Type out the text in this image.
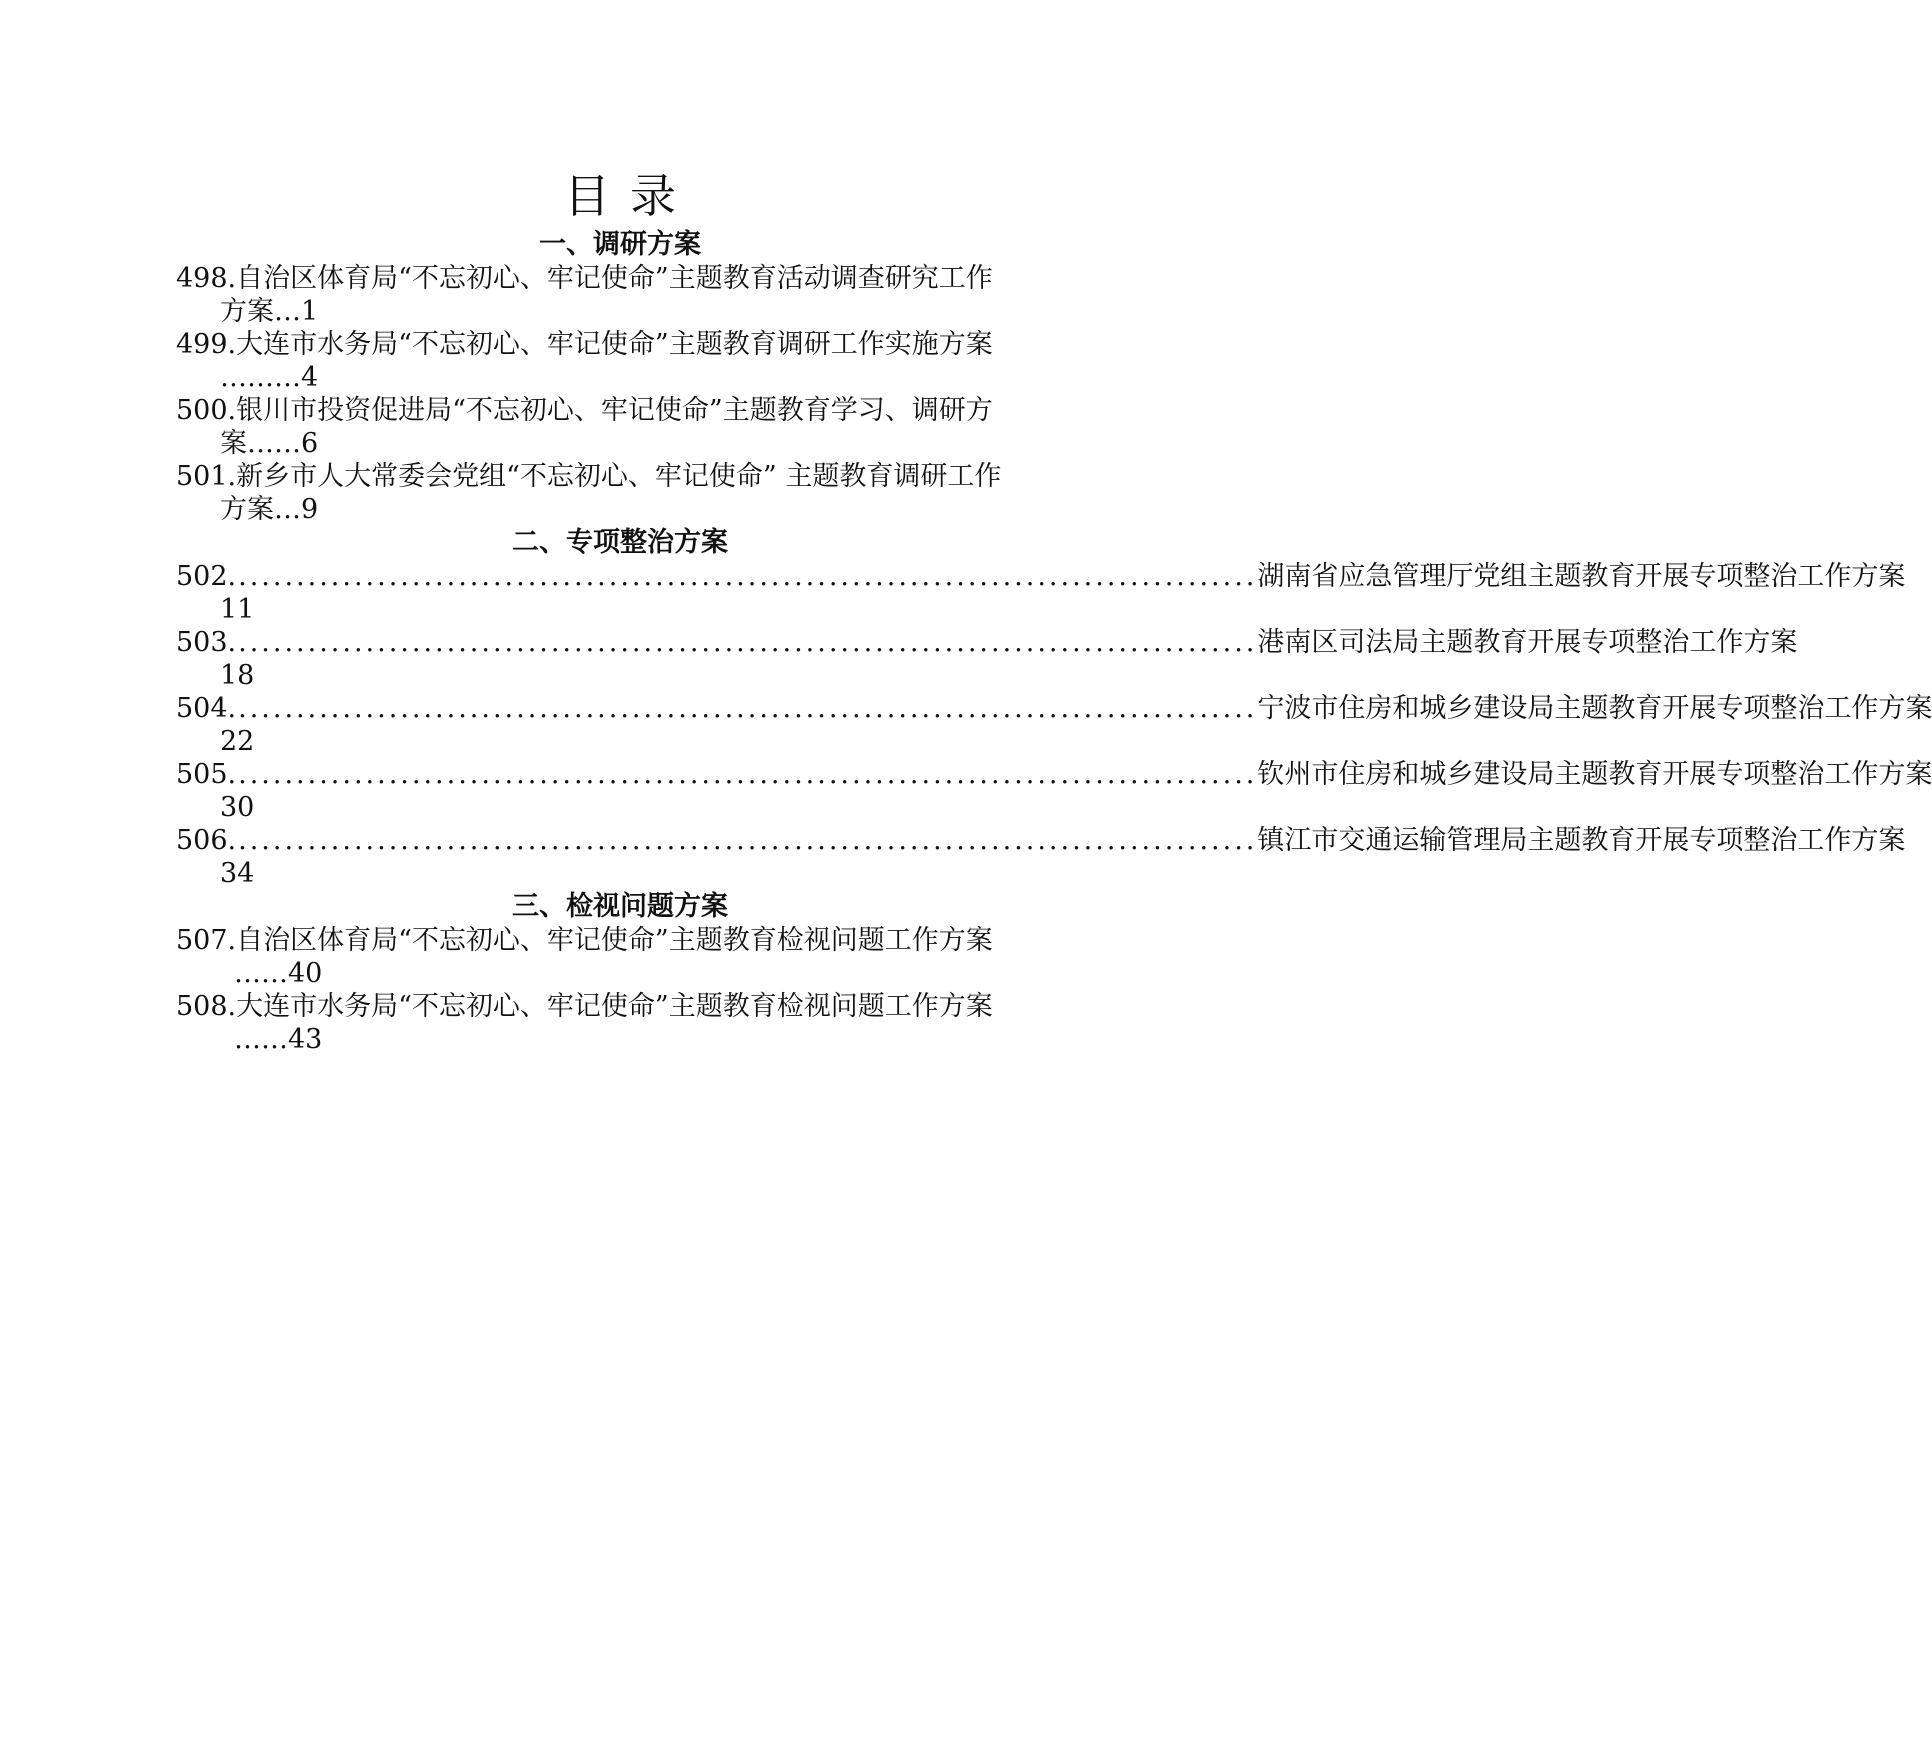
目录
一、调研方案
498.自治区体育局“不忘初心、牢记使命”主题教育活动调查研究工作
方案…1
499.大连市水务局“不忘初心、牢记使命”主题教育调研工作实施方案
………4
500.银川市投资促进局“不忘初心、牢记使命”主题教育学习、调研方
案……6
501.新乡市人大常委会党组“不忘初心、牢记使命” 主题教育调研工作
方案…9
二、专项整治方案
502. ........................................................................................ 湖南省应急管理厅党组主题教育开展专项整治工作方案
11
503. ........................................................................................ 港南区司法局主题教育开展专项整治工作方案
18
504. ........................................................................................ 宁波市住房和城乡建设局主题教育开展专项整治工作方案
22
505. ........................................................................................ 钦州市住房和城乡建设局主题教育开展专项整治工作方案
30
506. ........................................................................................ 镇江市交通运输管理局主题教育开展专项整治工作方案
34
三、检视问题方案
507.自治区体育局“不忘初心、牢记使命”主题教育检视问题工作方案
……40
508.大连市水务局“不忘初心、牢记使命”主题教育检视问题工作方案
……43
